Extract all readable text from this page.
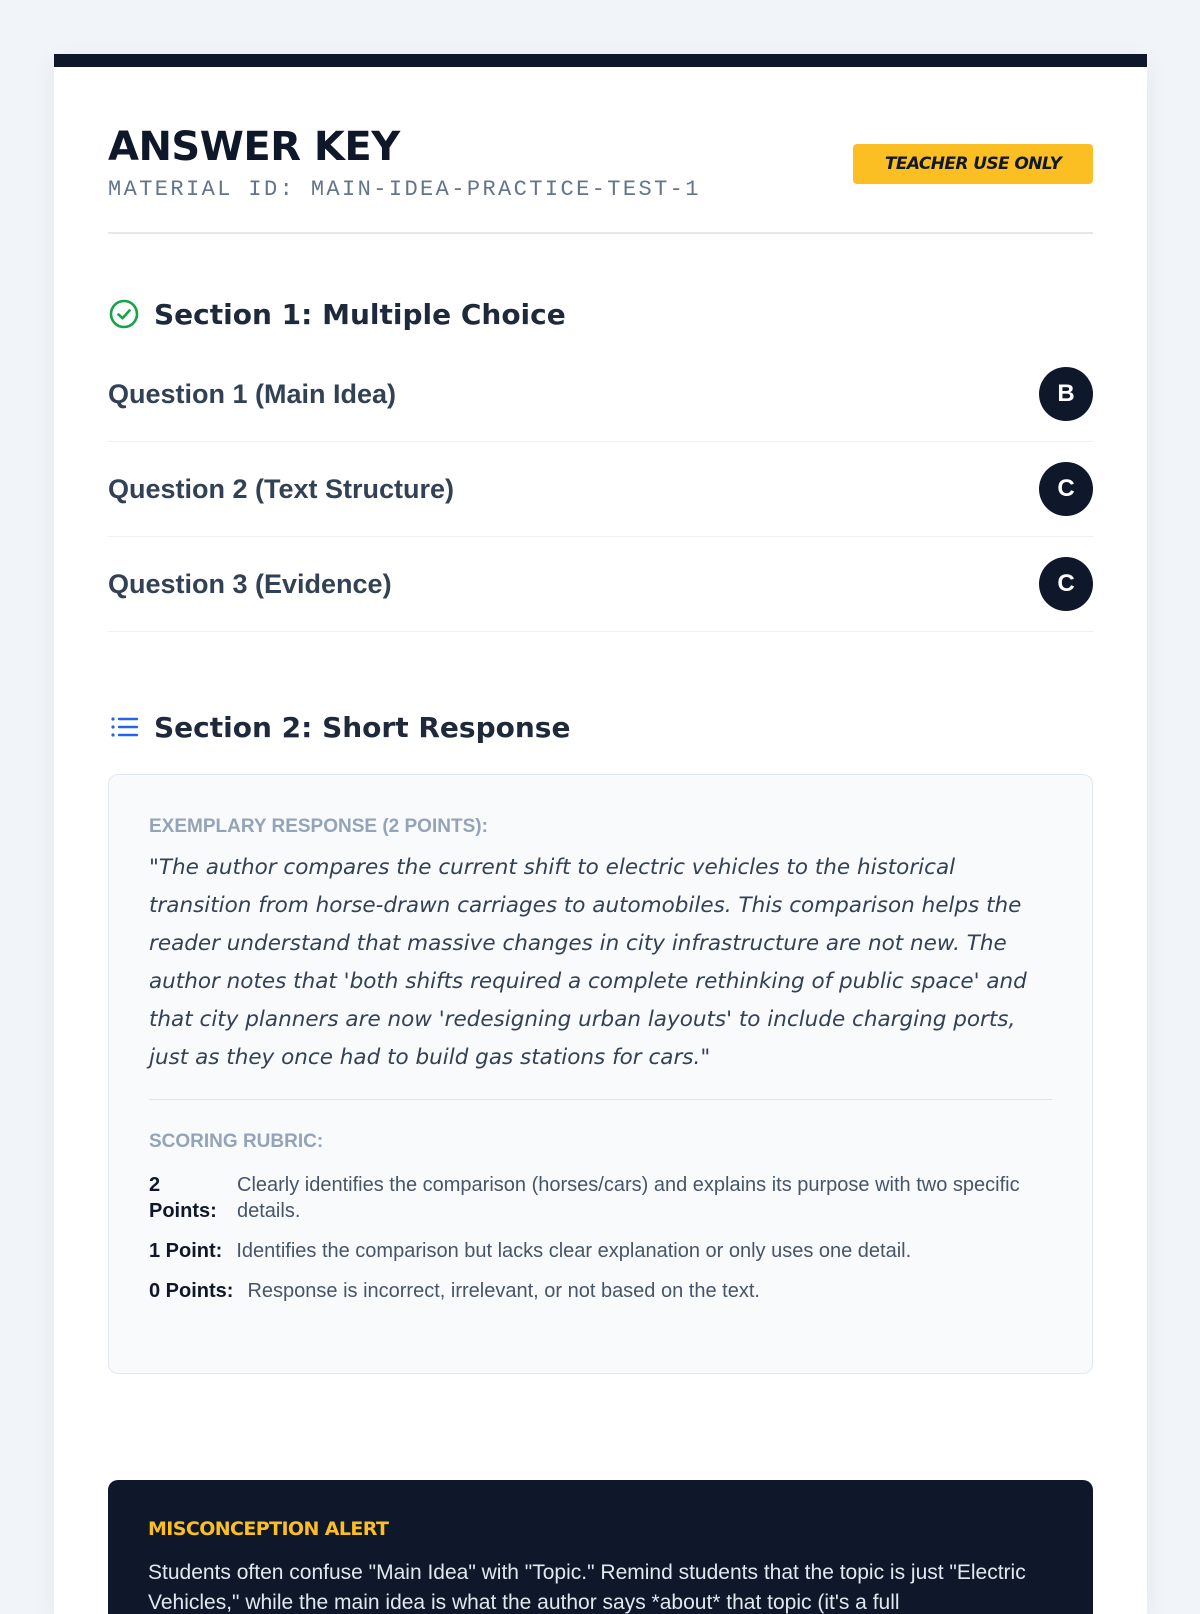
ANSWER KEY
MATERIAL ID: MAIN-IDEA-PRACTICE-TEST-1
TEACHER USE ONLY
Section 1: Multiple Choice
Question 1 (Main Idea)	B
Question 2 (Text Structure)	C
Question 3 (Evidence)	C
Section 2: Short Response
EXEMPLARY RESPONSE (2 POINTS):

"The author compares the current shift to electric vehicles to the historical transition from horse-drawn carriages to automobiles. This comparison helps the reader understand that massive changes in city infrastructure are not new. The author notes that 'both shifts required a complete rethinking of public space' and that city planners are now 'redesigning urban layouts' to include charging ports, just as they once had to build gas stations for cars."

SCORING RUBRIC:
2 Points:
Clearly identifies the comparison (horses/cars) and explains its purpose with two specific details.
1 Point: Identifies the comparison but lacks clear explanation or only uses one detail.
0 Points: Response is incorrect, irrelevant, or not based on the text.
MISCONCEPTION ALERT

Students often confuse "Main Idea" with "Topic." Remind students that the topic is just "Electric Vehicles," while the main idea is what the author says *about* that topic (it's a full
